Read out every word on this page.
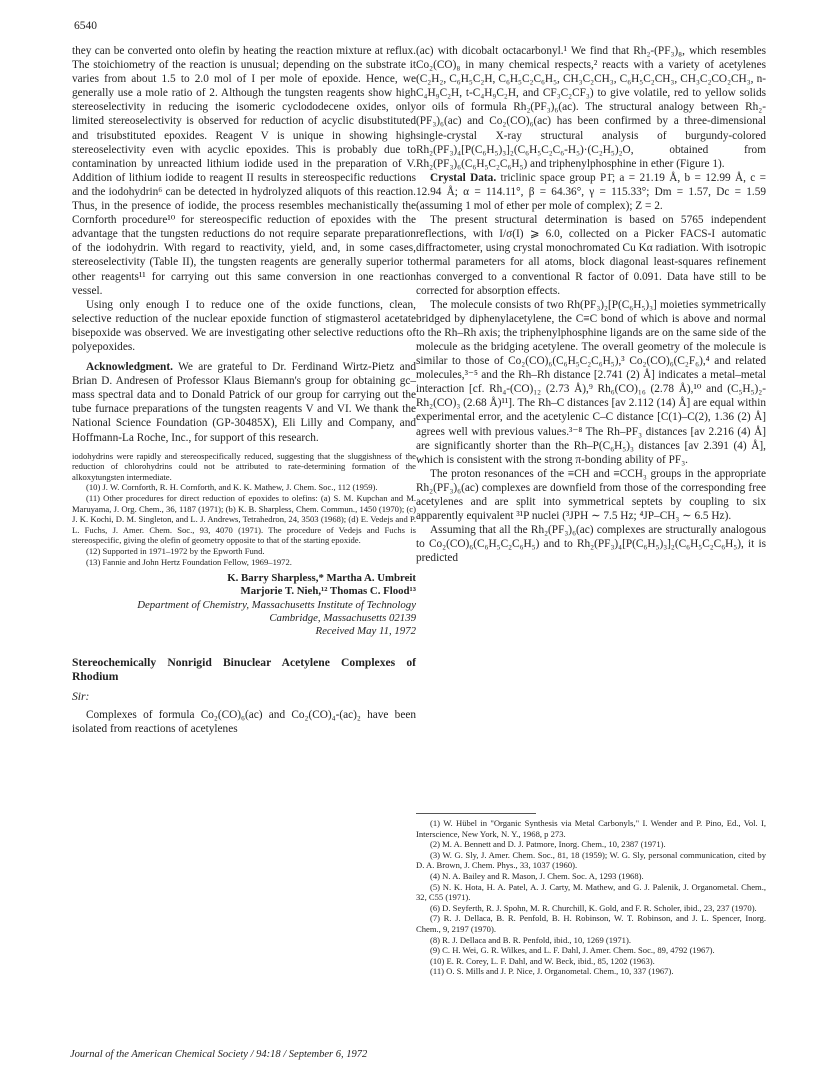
6540

they can be converted onto olefin by heating the reaction mixture at reflux. The stoichiometry of the reaction is unusual; depending on the substrate it varies from about 1.5 to 2.0 mol of I per mole of epoxide. Hence, we generally use a mole ratio of 2. Although the tungsten reagents show high stereoselectivity in reducing the isomeric cyclododecene oxides, only limited stereoselectivity is observed for reduction of acyclic disubstituted and trisubstituted epoxides. Reagent V is unique in showing high stereoselectivity even with acyclic epoxides. This is probably due to contamination by unreacted lithium iodide used in the preparation of V. Addition of lithium iodide to reagent II results in stereospecific reductions and the iodohydrin⁶ can be detected in hydrolyzed aliquots of this reaction. Thus, in the presence of iodide, the process resembles mechanistically the Cornforth procedure¹⁰ for stereospecific reduction of epoxides with the advantage that the tungsten reductions do not require separate preparation of the iodohydrin. With regard to reactivity, yield, and, in some cases, stereoselectivity (Table II), the tungsten reagents are generally superior to other reagents¹¹ for carrying out this same conversion in one reaction vessel.

Using only enough I to reduce one of the oxide functions, clean, selective reduction of the nuclear epoxide function of stigmasterol acetate bisepoxide was observed. We are investigating other selective reductions of polyepoxides.

Acknowledgment. We are grateful to Dr. Ferdinand Wirtz-Pietz and Brian D. Andresen of Professor Klaus Biemann's group for obtaining gc–mass spectral data and to Donald Patrick of our group for carrying out the tube furnace preparations of the tungsten reagents V and VI. We thank the National Science Foundation (GP-30485X), Eli Lilly and Company, and Hoffmann-La Roche, Inc., for support of this research.

iodohydrins were rapidly and stereospecifically reduced, suggesting that the sluggishness of the reduction of chlorohydrins could not be attributed to rate-determining formation of the alkoxytungsten intermediate.

(10) J. W. Cornforth, R. H. Cornforth, and K. K. Mathew, J. Chem. Soc., 112 (1959).

(11) Other procedures for direct reduction of epoxides to olefins: (a) S. M. Kupchan and M. Maruyama, J. Org. Chem., 36, 1187 (1971); (b) K. B. Sharpless, Chem. Commun., 1450 (1970); (c) J. K. Kochi, D. M. Singleton, and L. J. Andrews, Tetrahedron, 24, 3503 (1968); (d) E. Vedejs and P. L. Fuchs, J. Amer. Chem. Soc., 93, 4070 (1971). The procedure of Vedejs and Fuchs is stereospecific, giving the olefin of geometry opposite to that of the starting epoxide.

(12) Supported in 1971–1972 by the Epworth Fund.

(13) Fannie and John Hertz Foundation Fellow, 1969–1972.

K. Barry Sharpless,* Martha A. Umbreit
Marjorie T. Nieh,¹² Thomas C. Flood¹³
Department of Chemistry, Massachusetts Institute of Technology
Cambridge, Massachusetts 02139
Received May 11, 1972
Stereochemically Nonrigid Binuclear Acetylene Complexes of Rhodium
Sir:

Complexes of formula Co₂(CO)₆(ac) and Co₂(CO)₄-(ac)₂ have been isolated from reactions of acetylenes

(ac) with dicobalt octacarbonyl.¹ We find that Rh₂-(PF₃)₈, which resembles Co₂(CO)₈ in many chemical respects,² reacts with a variety of acetylenes (C₂H₂, C₆H₅C₂H, C₆H₅C₂C₆H₅, CH₃C₂CH₃, C₆H₅C₂CH₃, CH₃C₂CO₂CH₃, n-C₄H₉C₂H, t-C₄H₉C₂H, and CF₃C₂CF₃) to give volatile, red to yellow solids or oils of formula Rh₂(PF₃)₆(ac). The structural analogy between Rh₂-(PF₃)₆(ac) and Co₂(CO)₆(ac) has been confirmed by a three-dimensional single-crystal X-ray structural analysis of burgundy-colored Rh₂(PF₃)₄[P(C₆H₅)₃]₂(C₆H₅C₂C₆-H₅)·(C₂H₅)₂O, obtained from Rh₂(PF₃)₆(C₆H₅C₂C₆H₅) and triphenylphosphine in ether (Figure 1).

Crystal Data. triclinic space group P1̄; a = 21.19 Å, b = 12.99 Å, c = 12.94 Å; α = 114.11°, β = 64.36°, γ = 115.33°; Dm = 1.57, Dc = 1.59 (assuming 1 mol of ether per mole of complex); Z = 2.

The present structural determination is based on 5765 independent reflections, with I/σ(I) ⩾ 6.0, collected on a Picker FACS-I automatic diffractometer, using crystal monochromated Cu Kα radiation. With isotropic thermal parameters for all atoms, block diagonal least-squares refinement has converged to a conventional R factor of 0.091. Data have still to be corrected for absorption effects.

The molecule consists of two Rh(PF₃)₂[P(C₆H₅)₃] moieties symmetrically bridged by diphenylacetylene, the C≡C bond of which is above and normal to the Rh–Rh axis; the triphenylphosphine ligands are on the same side of the molecule as the bridging acetylene. The overall geometry of the molecule is similar to those of Co₂(CO)₆(C₆H₅C₂C₆H₅),³ Co₂(CO)₆(C₂F₆),⁴ and related molecules,³⁻⁵ and the Rh–Rh distance [2.741 (2) Å] indicates a metal–metal interaction [cf. Rh₄-(CO)₁₂ (2.73 Å),⁹ Rh₆(CO)₁₆ (2.78 Å),¹⁰ and (C₅H₅)₂-Rh₂(CO)₃ (2.68 Å)¹¹]. The Rh–C distances [av 2.112 (14) Å] are equal within experimental error, and the acetylenic C–C distance [C(1)–C(2), 1.36 (2) Å] agrees well with previous values.³⁻⁸ The Rh–PF₃ distances [av 2.216 (4) Å] are significantly shorter than the Rh–P(C₆H₅)₃ distances [av 2.391 (4) Å], which is consistent with the strong π-bonding ability of PF₃.

The proton resonances of the ≡CH and ≡CCH₃ groups in the appropriate Rh₂(PF₃)₆(ac) complexes are downfield from those of the corresponding free acetylenes and are split into symmetrical septets by coupling to six apparently equivalent ³¹P nuclei (³JPH ∼ 7.5 Hz; ⁴JP–CH₃ ∼ 6.5 Hz).

Assuming that all the Rh₂(PF₃)₆(ac) complexes are structurally analogous to Co₂(CO)₆(C₆H₅C₂C₆H₅) and to Rh₂(PF₃)₄[P(C₆H₅)₃]₂(C₆H₅C₂C₆H₅), it is predicted

(1) W. Hübel in "Organic Synthesis via Metal Carbonyls," I. Wender and P. Pino, Ed., Vol. I, Interscience, New York, N. Y., 1968, p 273.

(2) M. A. Bennett and D. J. Patmore, Inorg. Chem., 10, 2387 (1971).

(3) W. G. Sly, J. Amer. Chem. Soc., 81, 18 (1959); W. G. Sly, personal communication, cited by D. A. Brown, J. Chem. Phys., 33, 1037 (1960).

(4) N. A. Bailey and R. Mason, J. Chem. Soc. A, 1293 (1968).

(5) N. K. Hota, H. A. Patel, A. J. Carty, M. Mathew, and G. J. Palenik, J. Organometal. Chem., 32, C55 (1971).

(6) D. Seyferth, R. J. Spohn, M. R. Churchill, K. Gold, and F. R. Scholer, ibid., 23, 237 (1970).

(7) R. J. Dellaca, B. R. Penfold, B. H. Robinson, W. T. Robinson, and J. L. Spencer, Inorg. Chem., 9, 2197 (1970).

(8) R. J. Dellaca and B. R. Penfold, ibid., 10, 1269 (1971).

(9) C. H. Wei, G. R. Wilkes, and L. F. Dahl, J. Amer. Chem. Soc., 89, 4792 (1967).

(10) E. R. Corey, L. F. Dahl, and W. Beck, ibid., 85, 1202 (1963).

(11) O. S. Mills and J. P. Nice, J. Organometal. Chem., 10, 337 (1967).

Journal of the American Chemical Society / 94:18 / September 6, 1972
